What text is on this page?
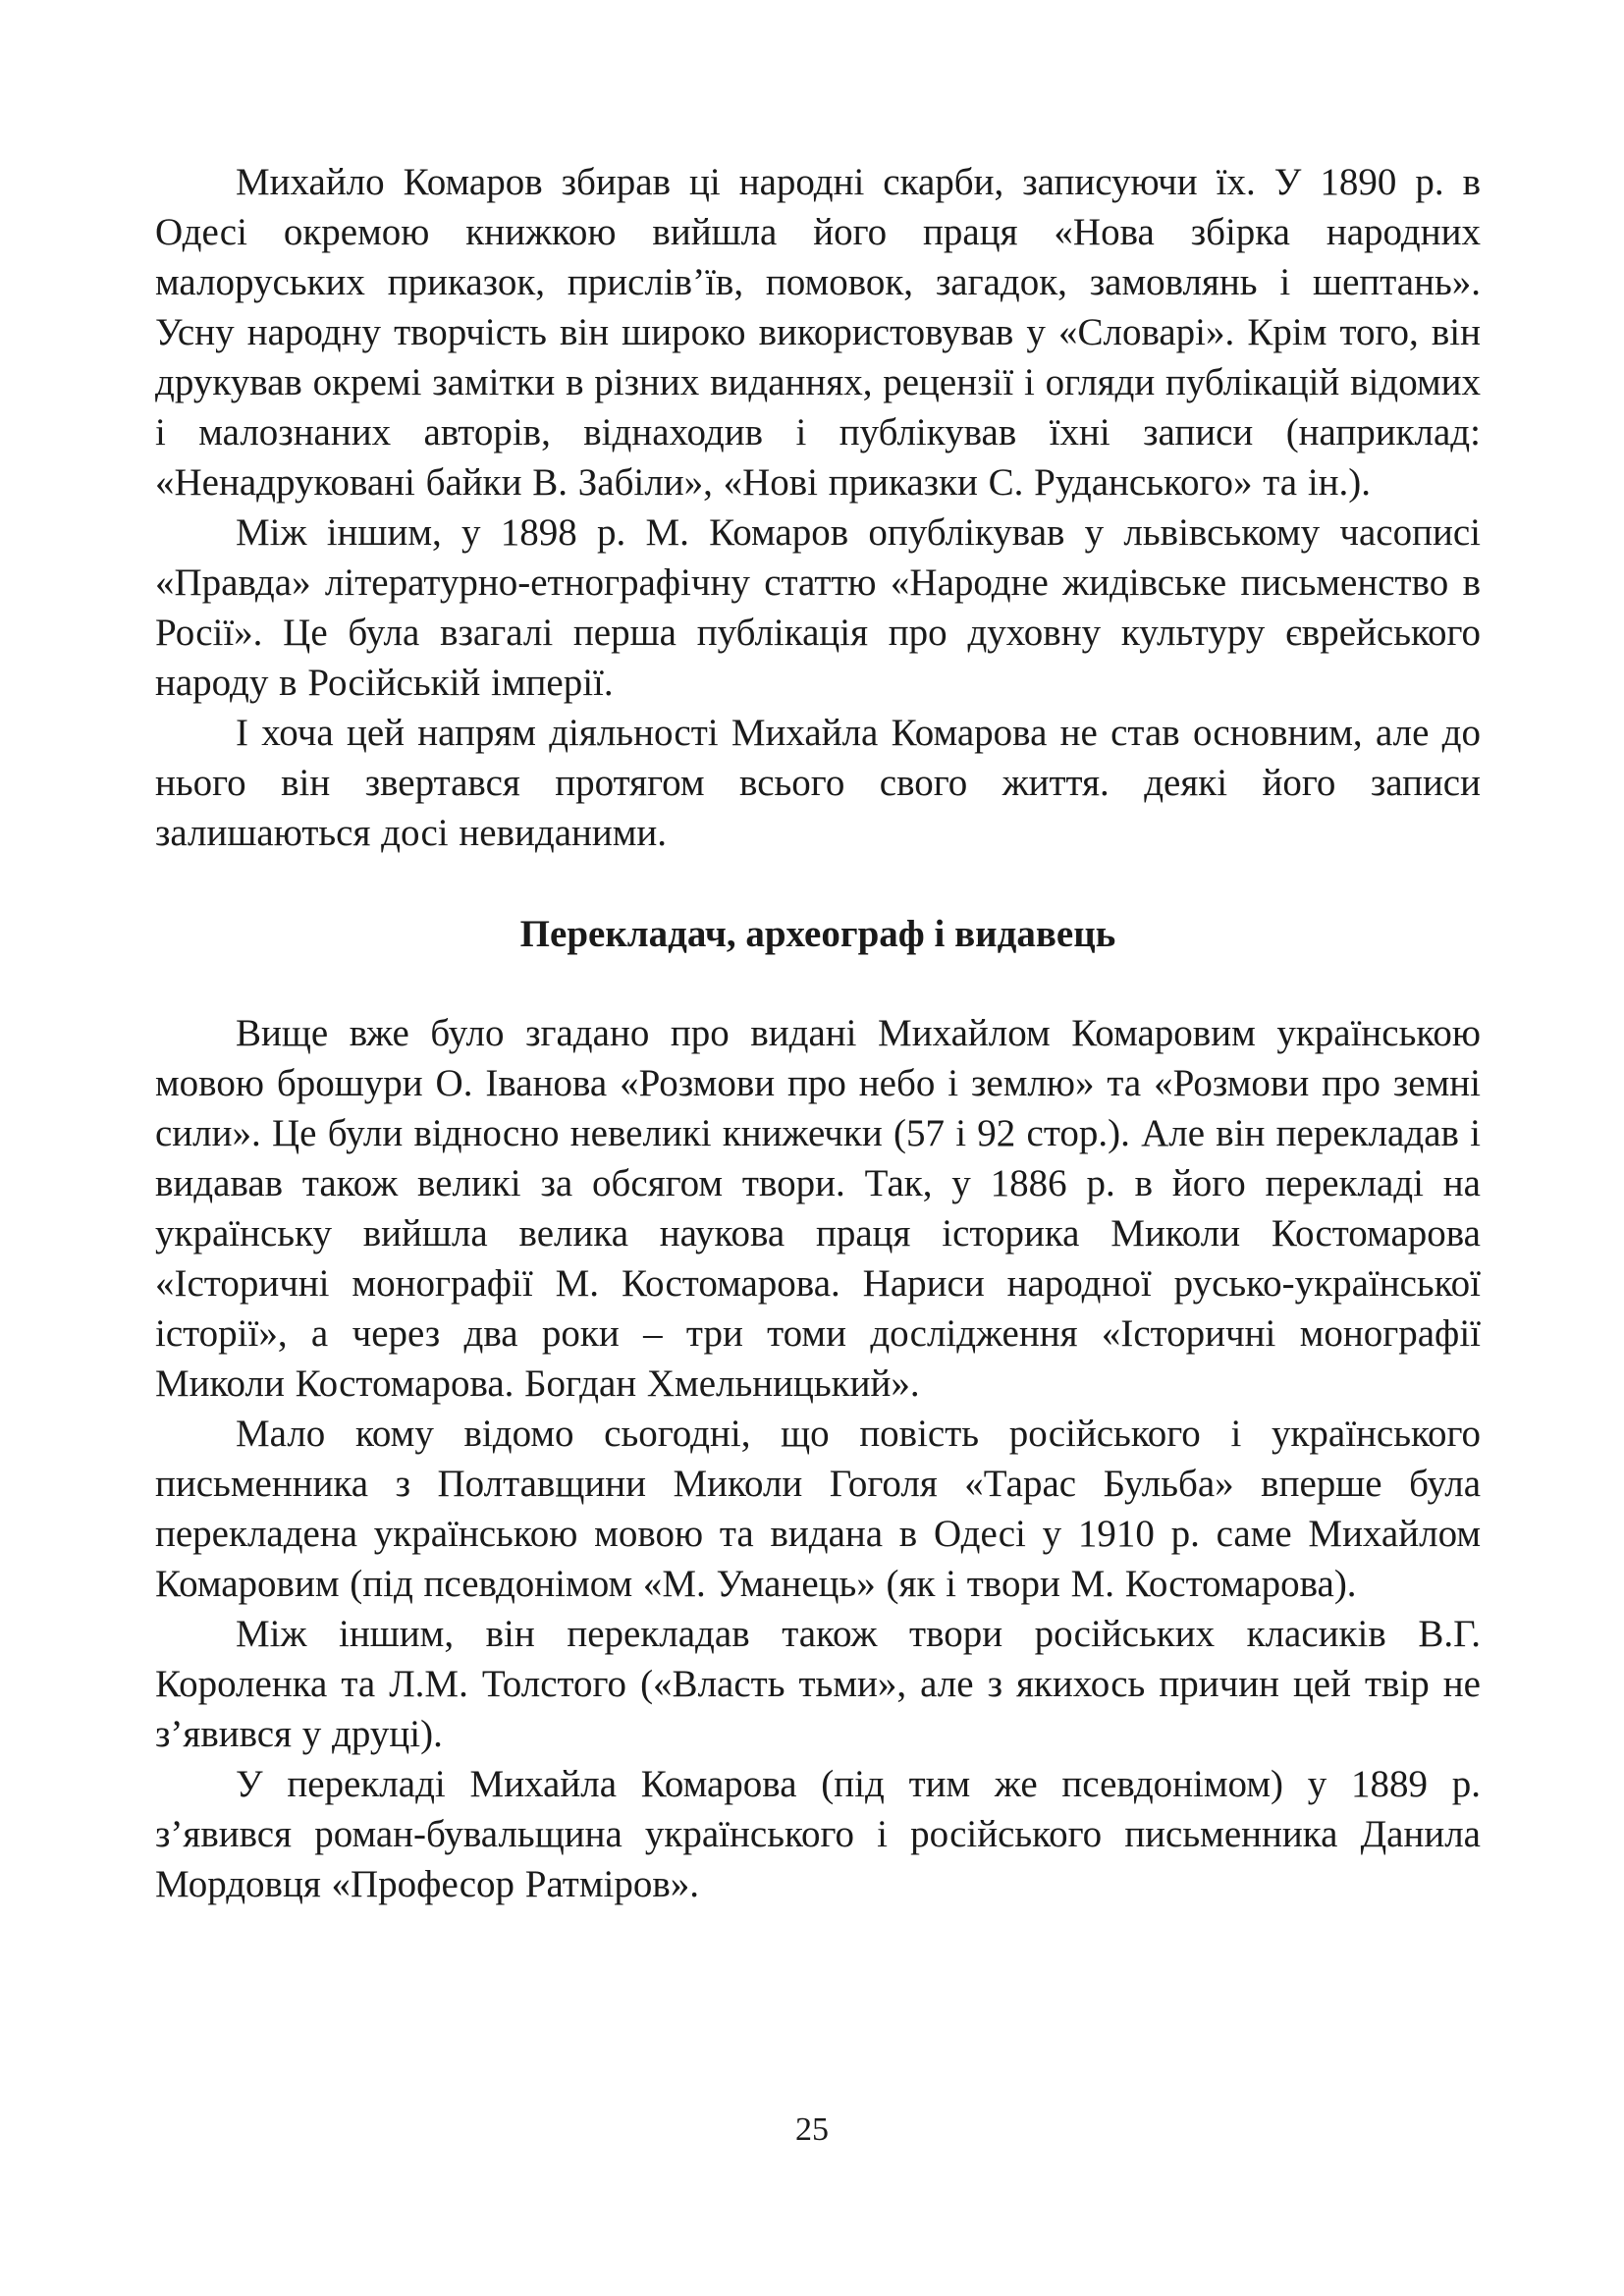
Михайло Комаров збирав ці народні скарби, записуючи їх. У 1890 р. в Одесі окремою книжкою вийшла його праця «Нова збірка народних малоруських приказок, прислів’їв, помовок, загадок, замовлянь і шептань». Усну народну творчість він широко використовував у «Словарі». Крім того, він друкував окремі замітки в різних виданнях, рецензії і огляди публікацій відомих і малознаних авторів, віднаходив і публікував їхні записи (наприклад: «Ненадруковані байки В. Забіли», «Нові приказки С. Руданського» та ін.).

Між іншим, у 1898 р. М. Комаров опублікував у львівському часописі «Правда» літературно-етнографічну статтю «Народне жидівське письменство в Росії». Це була взагалі перша публікація про духовну культуру єврейського народу в Російській імперії.

І хоча цей напрям діяльності Михайла Комарова не став основним, але до нього він звертався протягом всього свого життя. деякі його записи залишаються досі невиданими.

Перекладач, археограф і видавець

Вище вже було згадано про видані Михайлом Комаровим українською мовою брошури О. Іванова «Розмови про небо і землю» та «Розмови про земні сили». Це були відносно невеликі книжечки (57 і 92 стор.). Але він перекладав і видавав також великі за обсягом твори. Так, у 1886 р. в його перекладі на українську вийшла велика наукова праця історика Миколи Костомарова «Історичні монографії М. Костомарова. Нариси народної русько-української історії», а через два роки – три томи дослідження «Історичні монографії Миколи Костомарова. Богдан Хмельницький».

Мало кому відомо сьогодні, що повість російського і українського письменника з Полтавщини Миколи Гоголя «Тарас Бульба» вперше була перекладена українською мовою та видана в Одесі у 1910 р. саме Михайлом Комаровим (під псевдонімом «М. Уманець» (як і твори М. Костомарова).

Між іншим, він перекладав також твори російських класиків В.Г. Короленка та Л.М. Толстого («Власть тьми», але з якихось причин цей твір не з’явився у друці).

У перекладі Михайла Комарова (під тим же псевдонімом) у 1889 р. з’явився роман-бувальщина українського і російського письменника Данила Мордовця «Професор Ратміров».

25
